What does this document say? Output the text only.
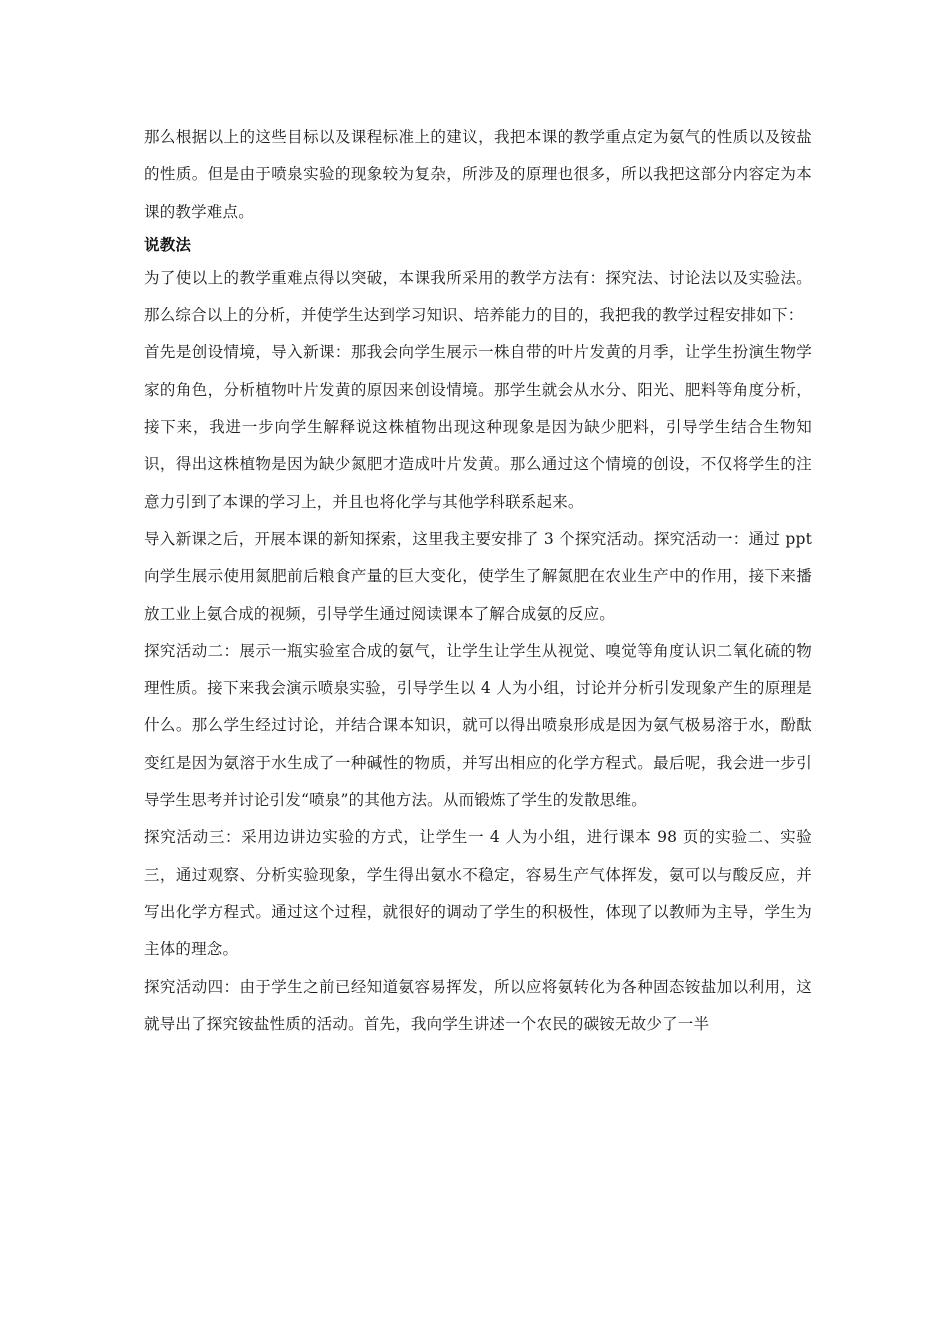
那么根据以上的这些目标以及课程标准上的建议，我把本课的教学重点定为氨气的性质以及铵盐的性质。但是由于喷泉实验的现象较为复杂，所涉及的原理也很多，所以我把这部分内容定为本课的教学难点。

说教法

为了使以上的教学重难点得以突破，本课我所采用的教学方法有：探究法、讨论法以及实验法。那么综合以上的分析，并使学生达到学习知识、培养能力的目的，我把我的教学过程安排如下：

首先是创设情境，导入新课：那我会向学生展示一株自带的叶片发黄的月季，让学生扮演生物学家的角色，分析植物叶片发黄的原因来创设情境。那学生就会从水分、阳光、肥料等角度分析，接下来，我进一步向学生解释说这株植物出现这种现象是因为缺少肥料，引导学生结合生物知识，得出这株植物是因为缺少氮肥才造成叶片发黄。那么通过这个情境的创设，不仅将学生的注意力引到了本课的学习上，并且也将化学与其他学科联系起来。

导入新课之后，开展本课的新知探索，这里我主要安排了 3 个探究活动。探究活动一：通过 ppt 向学生展示使用氮肥前后粮食产量的巨大变化，使学生了解氮肥在农业生产中的作用，接下来播放工业上氨合成的视频，引导学生通过阅读课本了解合成氨的反应。

探究活动二：展示一瓶实验室合成的氨气，让学生让学生从视觉、嗅觉等角度认识二氧化硫的物理性质。接下来我会演示喷泉实验，引导学生以 4 人为小组，讨论并分析引发现象产生的原理是什么。那么学生经过讨论，并结合课本知识，就可以得出喷泉形成是因为氨气极易溶于水，酚酞变红是因为氨溶于水生成了一种碱性的物质，并写出相应的化学方程式。最后呢，我会进一步引导学生思考并讨论引发“喷泉”的其他方法。从而锻炼了学生的发散思维。

探究活动三：采用边讲边实验的方式，让学生一 4 人为小组，进行课本 98 页的实验二、实验三，通过观察、分析实验现象，学生得出氨水不稳定，容易生产气体挥发，氨可以与酸反应，并写出化学方程式。通过这个过程，就很好的调动了学生的积极性，体现了以教师为主导，学生为主体的理念。

探究活动四：由于学生之前已经知道氨容易挥发，所以应将氨转化为各种固态铵盐加以利用，这就导出了探究铵盐性质的活动。首先，我向学生讲述一个农民的碳铵无故少了一半
